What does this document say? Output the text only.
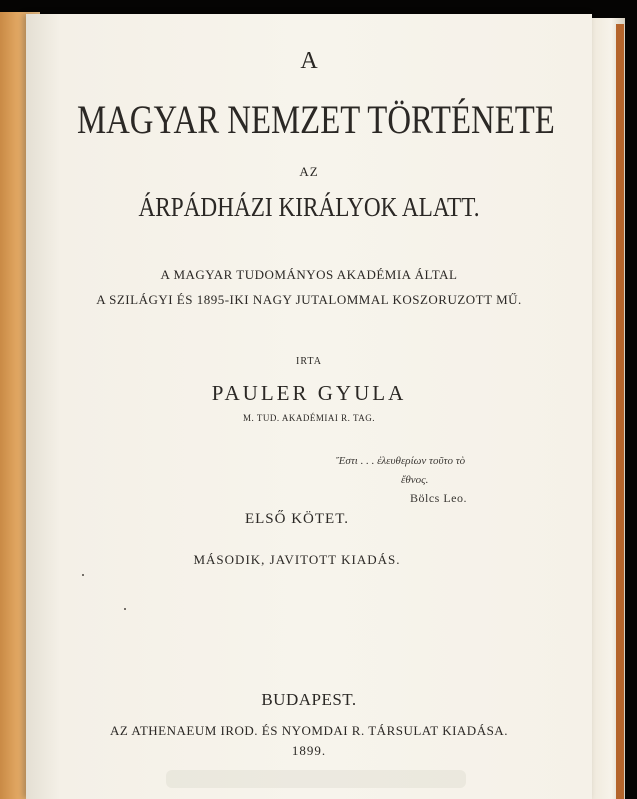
A
MAGYAR NEMZET TÖRTÉNETE
AZ
ÁRPÁDHÁZI KIRÁLYOK ALATT.
A MAGYAR TUDOMÁNYOS AKADÉMIA ÁLTAL
A SZILÁGYI ÉS 1895-IKI NAGY JUTALOMMAL KOSZORUZOTT MŰ.
IRTA
PAULER GYULA
M. TUD. AKADÉMIAI R. TAG.
Ἔστι . . . ἐλευθερίων τοῦτο τὸ
ἔθνος.
Bölcs Leo.
ELSŐ KÖTET.
MÁSODIK, JAVITOTT KIADÁS.
BUDAPEST.
AZ ATHENAEUM IROD. ÉS NYOMDAI R. TÁRSULAT KIADÁSA.
1899.
